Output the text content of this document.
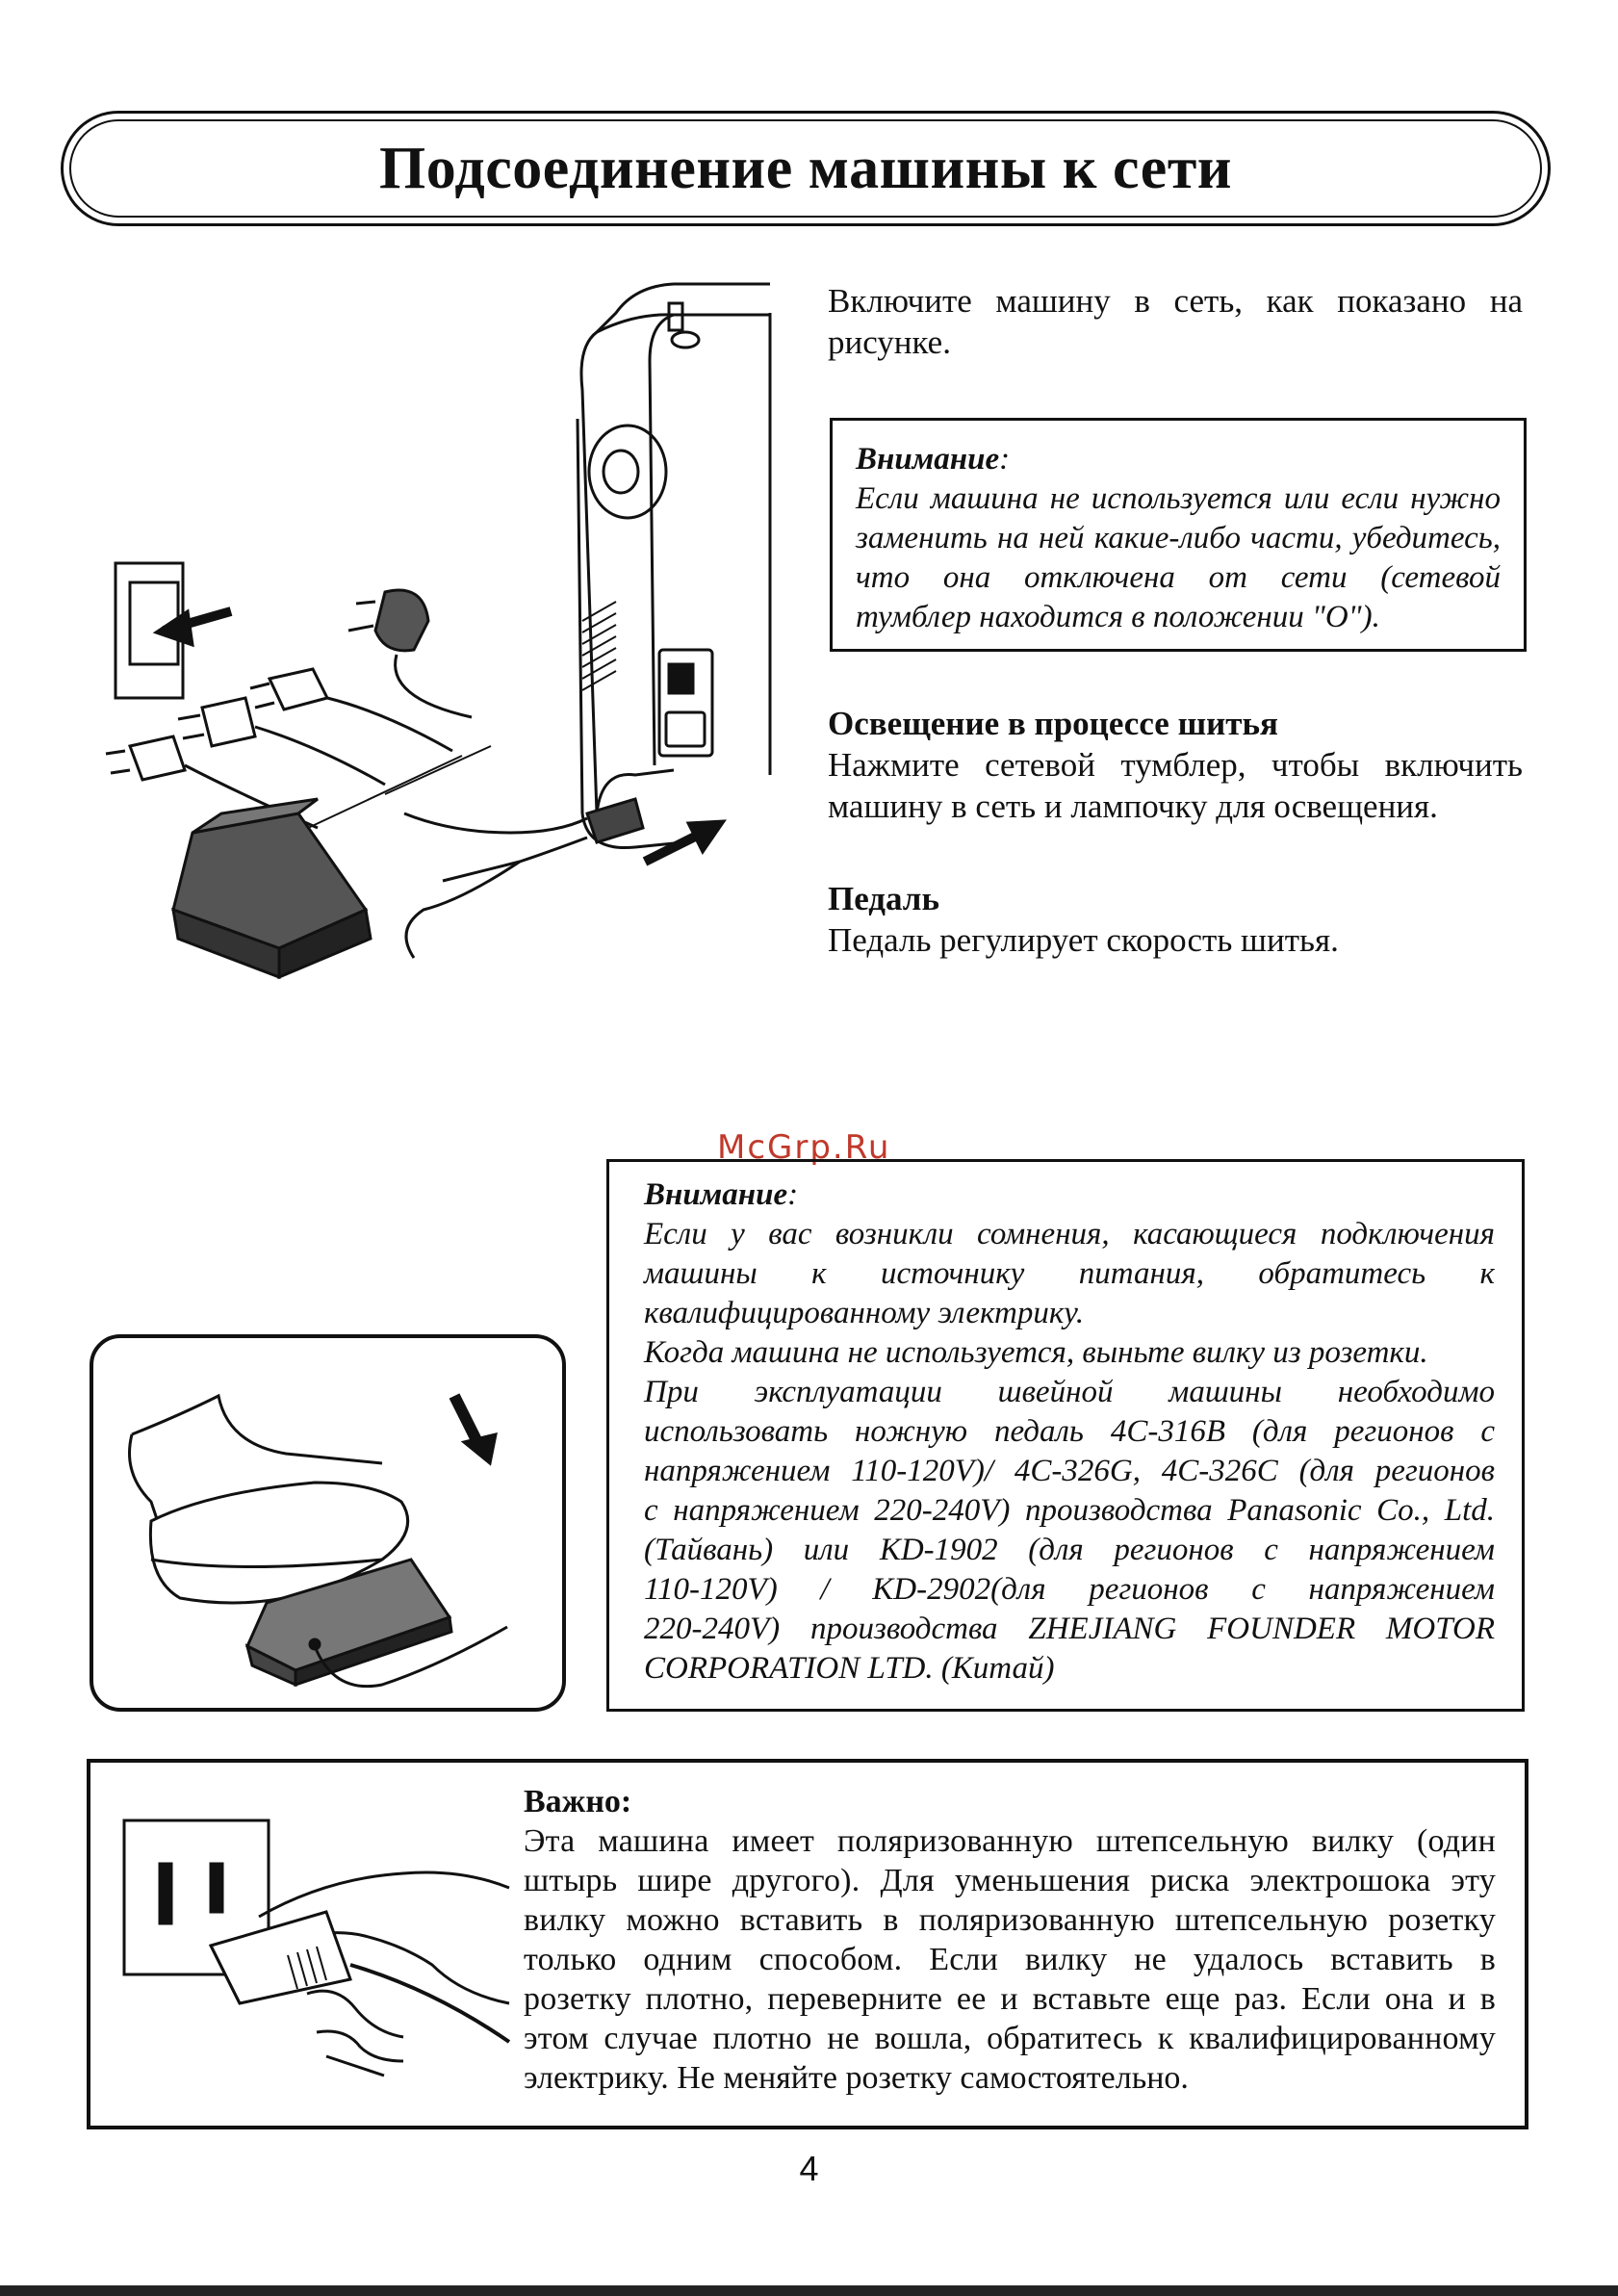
Подсоединение машины к сети
Включите машину в сеть, как показано на
рисунке.

Внимание:

Если машина не используется или если нужно
заменить на ней какие-либо части, убедитесь,
что она отключена от сети (сетевой
тумблер находится в положении "O").
Освещение в процессе шитья
Нажмите сетевой тумблер, чтобы включить
машину в сеть и лампочку для освещения.
Педаль
Педаль регулирует скорость шитья.
McGrp.Ru

Внимание:

Если у вас возникли сомнения, касающиеся подключения
машины к источнику питания, обратитесь к
квалифицированному электрику.
Когда машина не используется, выньте вилку из розетки.
При эксплуатации швейной машины необходимо
использовать ножную педаль 4C-316B (для регионов с
напряжением 110-120V)/ 4C-326G, 4C-326C (для регионов
с напряжением 220-240V) производства Panasonic Co., Ltd.
(Тайвань) или KD-1902 (для регионов с напряжением
110-120V) / KD-2902(для регионов с напряжением
220-240V) производства ZHEJIANG FOUNDER MOTOR
CORPORATION LTD. (Китай)
Важно:
Эта машина имеет поляризованную штепсельную вилку (один
штырь шире другого). Для уменьшения риска электрошока эту
вилку можно вставить в поляризованную штепсельную розетку
только одним способом. Если вилку не удалось вставить в
розетку плотно, переверните ее и вставьте еще раз. Если она и в
этом случае плотно не вошла, обратитесь к квалифицированному
электрику. Не меняйте розетку самостоятельно.
4
